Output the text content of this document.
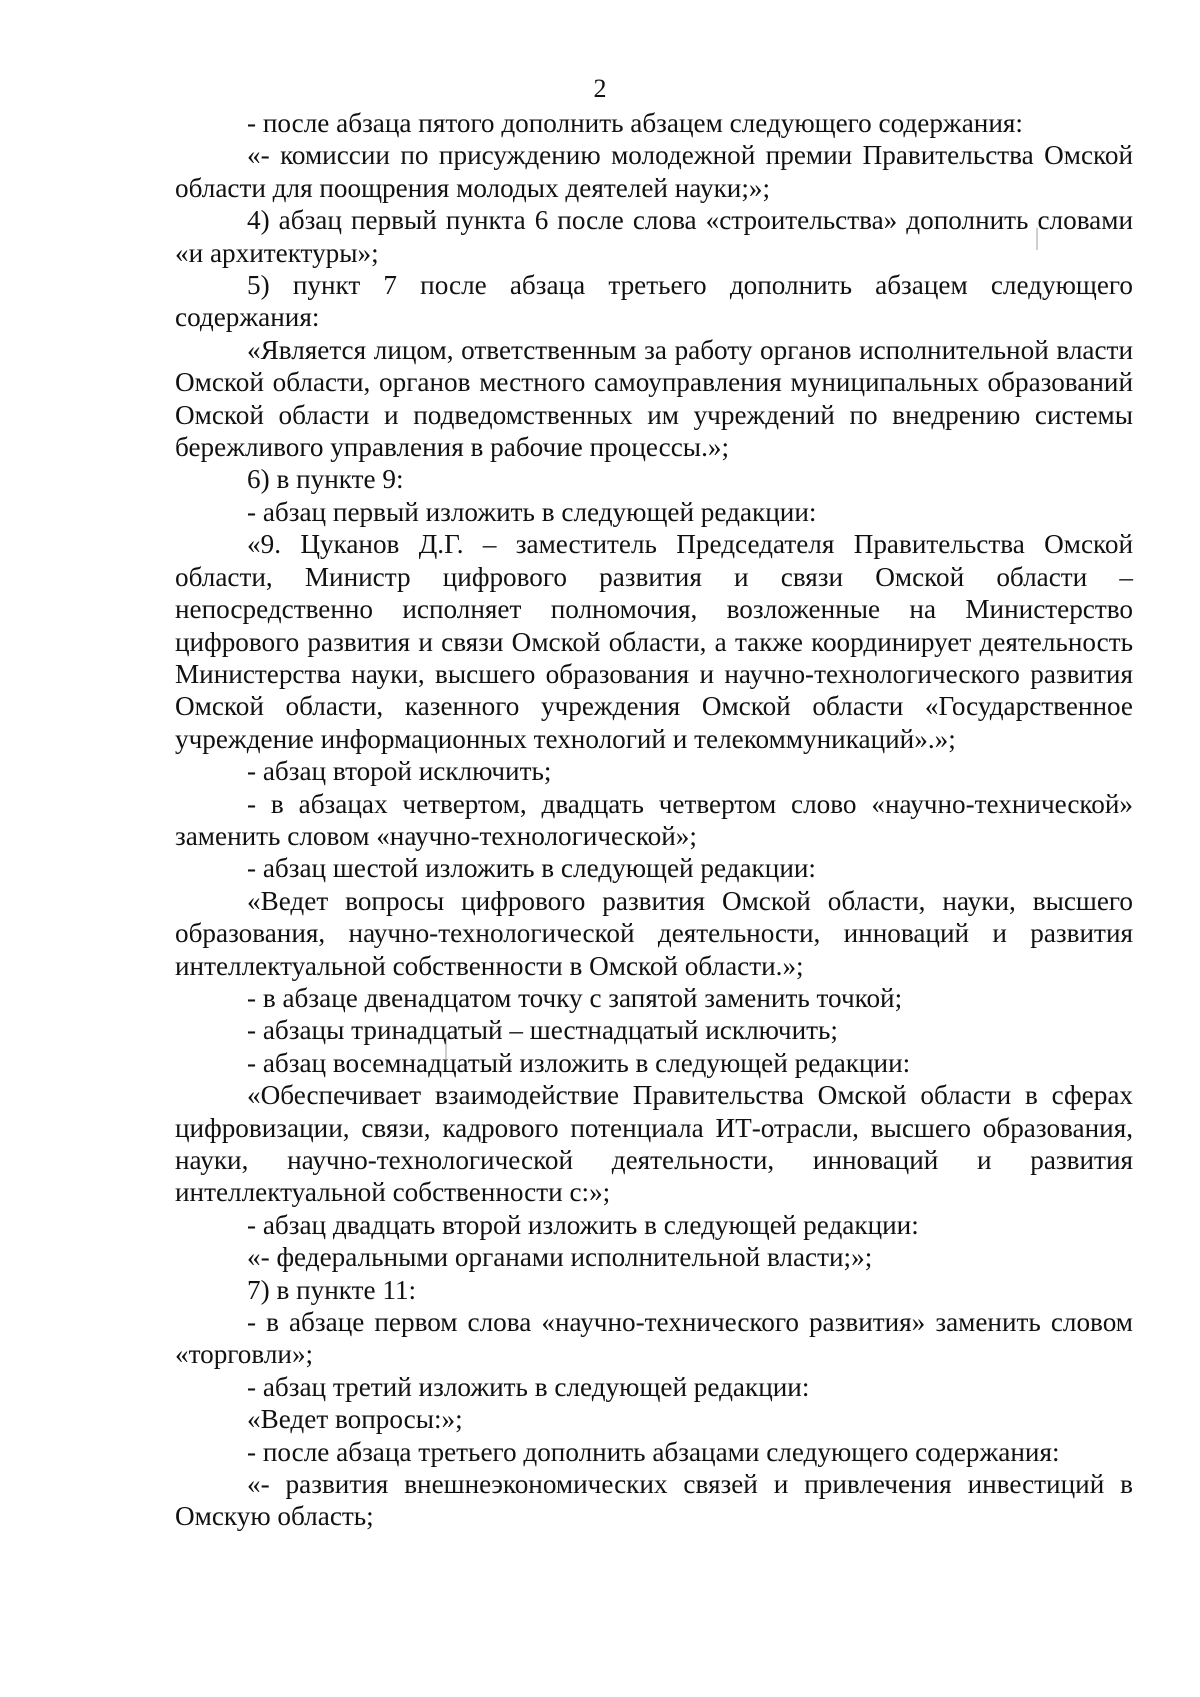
2

- после абзаца пятого дополнить абзацем следующего содержания:

«- комиссии по присуждению молодежной премии Правительства Омской области для поощрения молодых деятелей науки;»;

4) абзац первый пункта 6 после слова «строительства» дополнить словами «и архитектуры»;

5) пункт 7 после абзаца третьего дополнить абзацем следующего содержания:

«Является лицом, ответственным за работу органов исполнительной власти Омской области, органов местного самоуправления муниципальных образований Омской области и подведомственных им учреждений по внедрению системы бережливого управления в рабочие процессы.»;

6) в пункте 9:

- абзац первый изложить в следующей редакции:

«9. Цуканов Д.Г. – заместитель Председателя Правительства Омской области, Министр цифрового развития и связи Омской области – непосредственно исполняет полномочия, возложенные на Министерство цифрового развития и связи Омской области, а также координирует деятельность Министерства науки, высшего образования и научно-технологического развития Омской области, казенного учреждения Омской области «Государственное учреждение информационных технологий и телекоммуникаций».»;

- абзац второй исключить;

- в абзацах четвертом, двадцать четвертом слово «научно-технической» заменить словом «научно-технологической»;

- абзац шестой изложить в следующей редакции:

«Ведет вопросы цифрового развития Омской области, науки, высшего образования, научно-технологической деятельности, инноваций и развития интеллектуальной собственности в Омской области.»;

- в абзаце двенадцатом точку с запятой заменить точкой;

- абзацы тринадцатый – шестнадцатый исключить;

- абзац восемнадцатый изложить в следующей редакции:

«Обеспечивает взаимодействие Правительства Омской области в сферах цифровизации, связи, кадрового потенциала ИТ-отрасли, высшего образования, науки, научно-технологической деятельности, инноваций и развития интеллектуальной собственности с:»;

- абзац двадцать второй изложить в следующей редакции:

«- федеральными органами исполнительной власти;»;

7) в пункте 11:

- в абзаце первом слова «научно-технического развития» заменить словом «торговли»;

- абзац третий изложить в следующей редакции:

«Ведет вопросы:»;

- после абзаца третьего дополнить абзацами следующего содержания:

«- развития внешнеэкономических связей и привлечения инвестиций в Омскую область;
